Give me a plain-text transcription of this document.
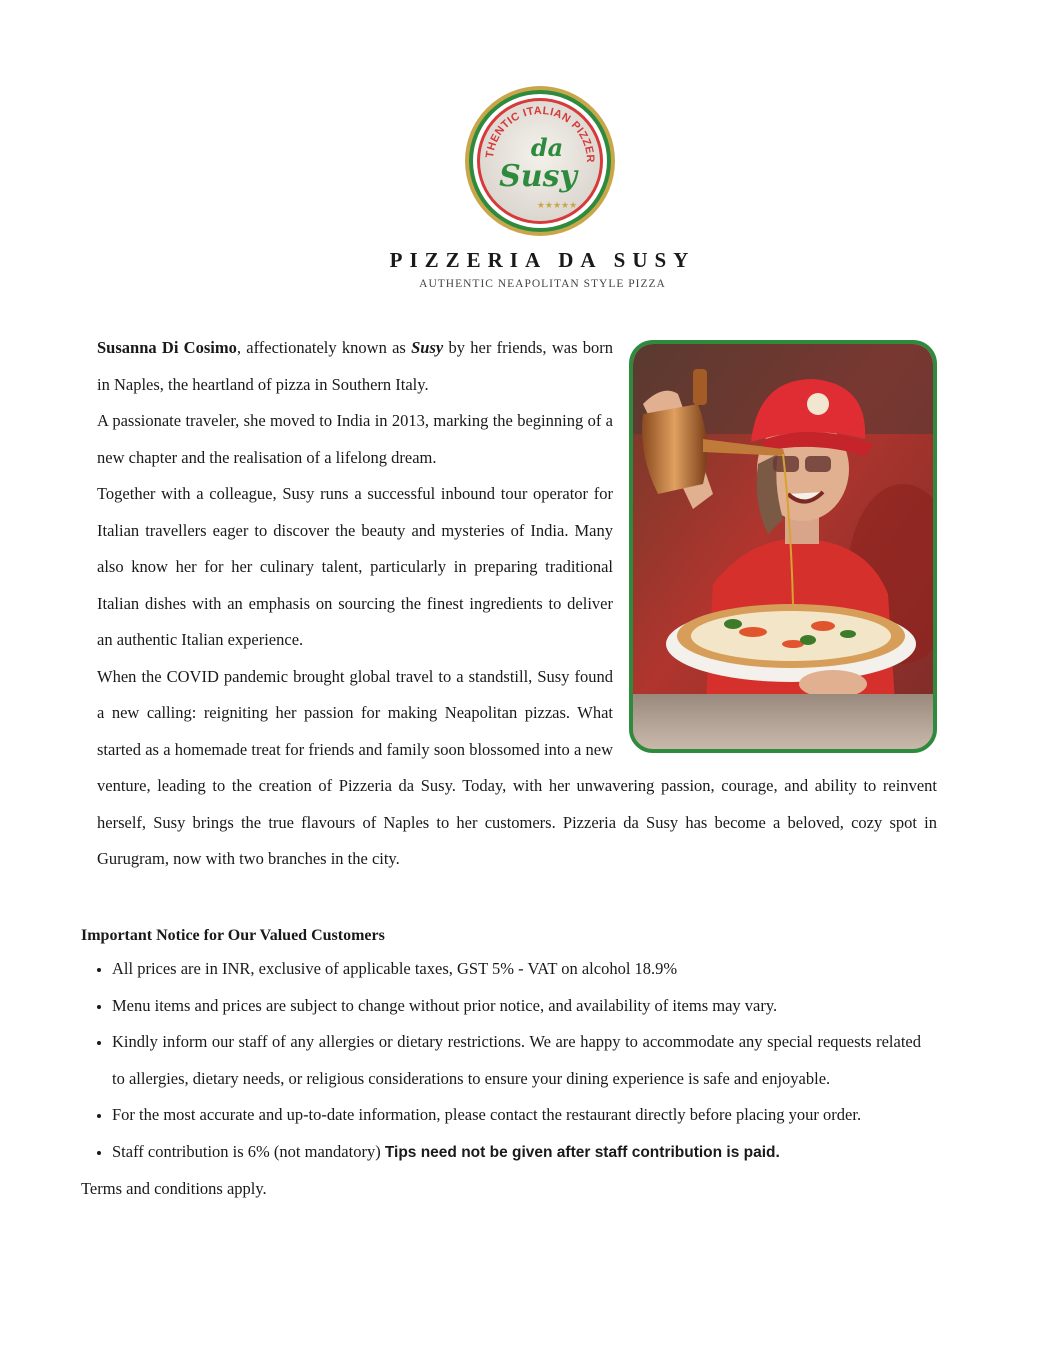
THENTIC ITALIAN PIZZER
da
Susy
★★★★★
PIZZERIA DA SUSY
AUTHENTIC NEAPOLITAN STYLE PIZZA

Susanna Di Cosimo, affectionately known as Susy by her friends, was born in Naples, the heartland of pizza in Southern Italy.

A passionate traveler, she moved to India in 2013, marking the beginning of a new chapter and the realisation of a lifelong dream.

Together with a colleague, Susy runs a successful inbound tour operator for Italian travellers eager to discover the beauty and mysteries of India. Many also know her for her culinary talent, particularly in preparing traditional Italian dishes with an emphasis on sourcing the finest ingredients to deliver an authentic Italian experience.

When the COVID pandemic brought global travel to a standstill, Susy found a new calling: reigniting her passion for making Neapolitan pizzas. What started as a homemade treat for friends and family soon blossomed into a new venture, leading to the creation of Pizzeria da Susy. Today, with her unwavering passion, courage, and ability to reinvent herself, Susy brings the true flavours of Naples to her customers. Pizzeria da Susy has become a beloved, cozy spot in Gurugram, now with two branches in the city.

Important Notice for Our Valued Customers

• All prices are in INR, exclusive of applicable taxes, GST 5% - VAT on alcohol 18.9%
• Menu items and prices are subject to change without prior notice, and availability of items may vary.
• Kindly inform our staff of any allergies or dietary restrictions. We are happy to accommodate any special requests related to allergies, dietary needs, or religious considerations to ensure your dining experience is safe and enjoyable.
• For the most accurate and up-to-date information, please contact the restaurant directly before placing your order.
• Staff contribution is 6% (not mandatory) Tips need not be given after staff contribution is paid.

Terms and conditions apply.
